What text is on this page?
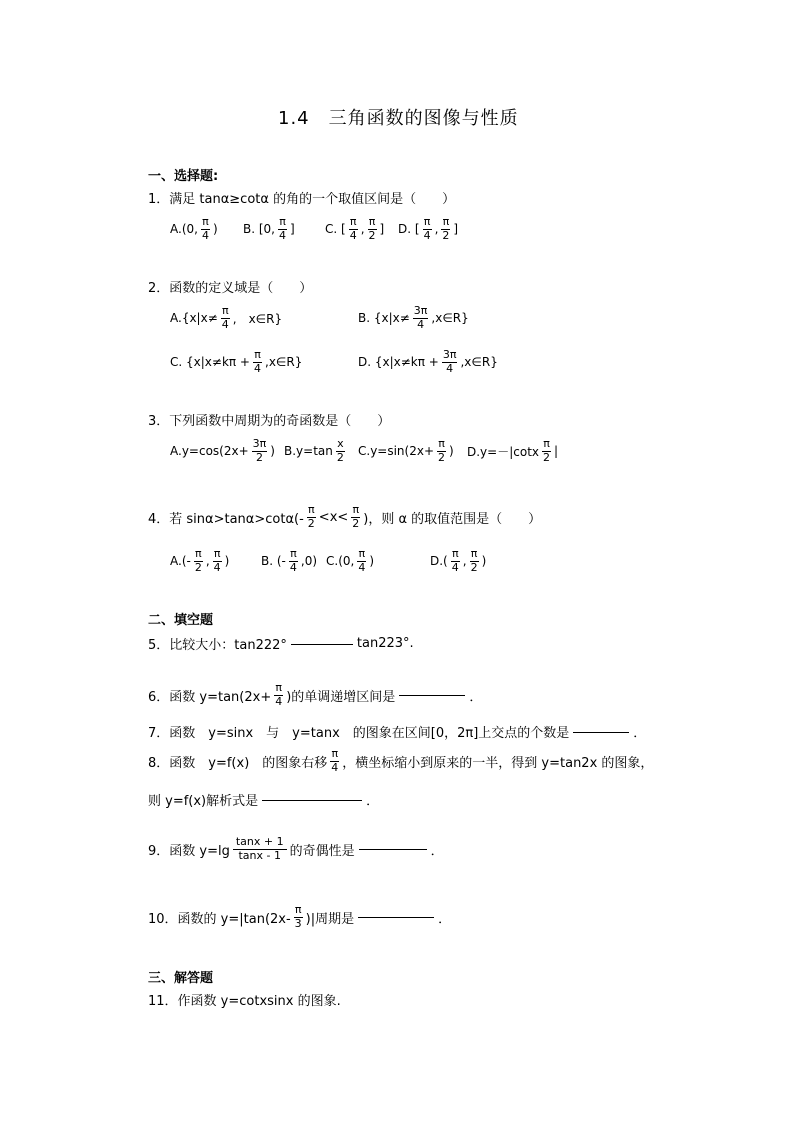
1.4　三角函数的图像与性质
一、选择题:
1．满足 tanα≥cotα 的角的一个取值区间是（　　）
A.(0, $\frac{\pi}{4}$ ) B. [0, $\frac{\pi}{4}$ ]	C. [ $\frac{\pi}{4}$ , $\frac{\pi}{2}$ ] D. [ $\frac{\pi}{4}$ , $\frac{\pi}{2}$ ]
2．函数的定义域是（　　）
$A.\{x|x\ne \frac{\pi}{4}$ ,　x∈R}	B. {$x|x\ne \frac{3\pi}{4}$ ,x∈R}
C. {$x|x\ne k\pi + \frac{\pi}{4}$ ,x∈R}	D. {$x|x\ne k\pi + \frac{3\pi}{4}$ ,x∈R}
3．下列函数中周期为的奇函数是（　　）
$A.y=\cos(2x+ \frac{3\pi}{2}$ ) $B.y=\tan \frac{x}{2} C.y=\sin(2x+ \frac{\pi}{2}$ ) $D.y=-|\cot x \frac{\pi}{2}$ |
4．若 $\sin\alpha>\tan\alpha>\cot\alpha(- \frac{\pi}{2} <x< \frac{\pi}{2}$ )，则 α 的取值范围是（　　）
$A.(- \frac{\pi}{2}$ , $\frac{\pi}{4}$ )	B. (- $\frac{\pi}{4} ,0$) C.(0, $\frac{\pi}{4}$ )	$D.( \frac{\pi}{4}$ , $\frac{\pi}{2}$ )
二、填空题
5．比较大小：tan222°	tan223°.
6．函数 $y=\tan(2x+ \frac{\pi}{4}$ )的单调递增区间是	．
7．函数　y=sinx　与　y=tanx　的图象在区间[0，2π]上交点的个数是	．
8．函数　y=f(x)　的图象右移 $\frac{\pi}{4}$ ，横坐标缩小到原来的一半，得到 y=tan2x 的图象，
则 y=f(x)解析式是	．
9．函数 $y=\lg \frac{\tan x + 1}{\tan x - 1}$ 的奇偶性是	．
10．函数的 $y=|\tan(2x- \frac{\pi}{3}$ )|周期是	．
三、解答题
11．作函数 y=cotxsinx 的图象.
